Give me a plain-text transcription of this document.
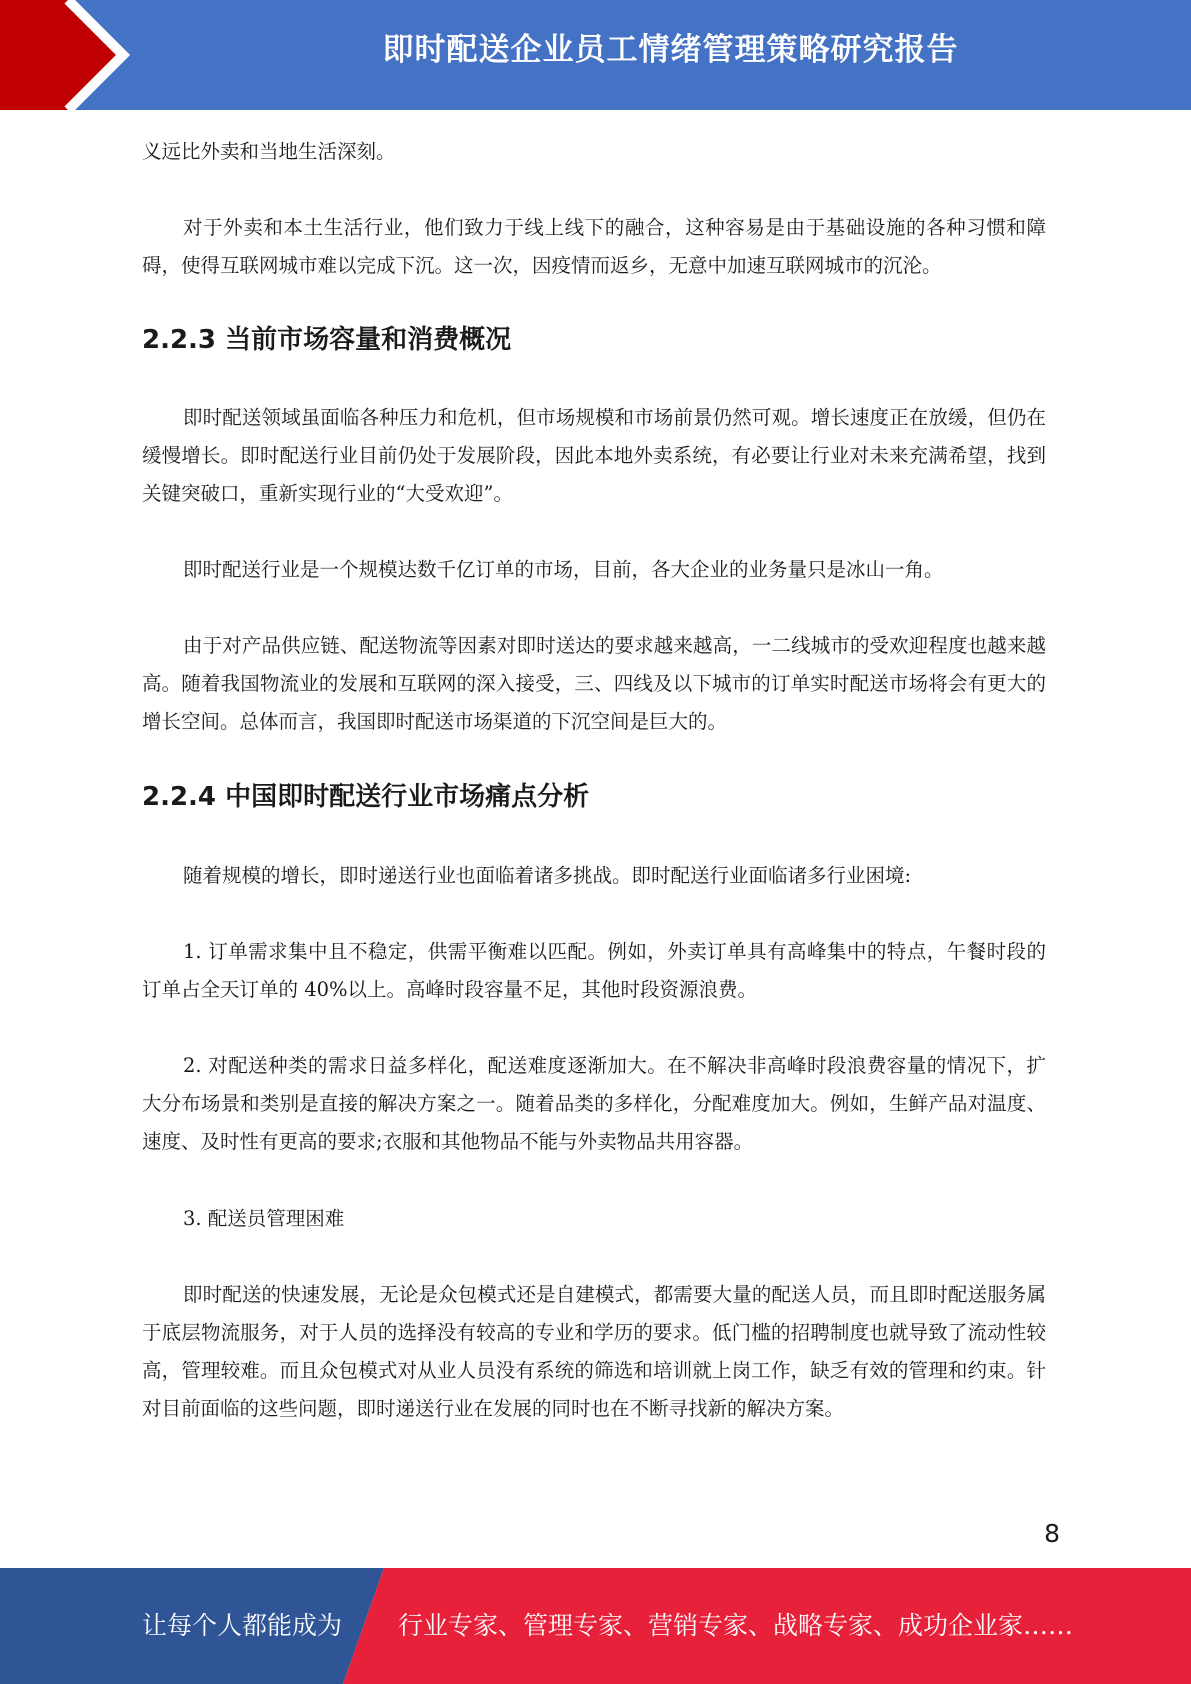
即时配送企业员工情绪管理策略研究报告

义远比外卖和当地生活深刻。

对于外卖和本土生活行业，他们致力于线上线下的融合，这种容易是由于基础设施的各种习惯和障碍，使得互联网城市难以完成下沉。这一次，因疫情而返乡，无意中加速互联网城市的沉沦。

2.2.3 当前市场容量和消费概况

即时配送领域虽面临各种压力和危机，但市场规模和市场前景仍然可观。增长速度正在放缓，但仍在缓慢增长。即时配送行业目前仍处于发展阶段，因此本地外卖系统，有必要让行业对未来充满希望，找到关键突破口，重新实现行业的“大受欢迎”。

即时配送行业是一个规模达数千亿订单的市场，目前，各大企业的业务量只是冰山一角。

由于对产品供应链、配送物流等因素对即时送达的要求越来越高，一二线城市的受欢迎程度也越来越高。随着我国物流业的发展和互联网的深入接受，三、四线及以下城市的订单实时配送市场将会有更大的增长空间。总体而言，我国即时配送市场渠道的下沉空间是巨大的。

2.2.4 中国即时配送行业市场痛点分析

随着规模的增长，即时递送行业也面临着诸多挑战。即时配送行业面临诸多行业困境:

1. 订单需求集中且不稳定，供需平衡难以匹配。例如，外卖订单具有高峰集中的特点，午餐时段的订单占全天订单的 40%以上。高峰时段容量不足，其他时段资源浪费。

2. 对配送种类的需求日益多样化，配送难度逐渐加大。在不解决非高峰时段浪费容量的情况下，扩大分布场景和类别是直接的解决方案之一。随着品类的多样化，分配难度加大。例如，生鲜产品对温度、速度、及时性有更高的要求;衣服和其他物品不能与外卖物品共用容器。

3. 配送员管理困难

即时配送的快速发展，无论是众包模式还是自建模式，都需要大量的配送人员，而且即时配送服务属于底层物流服务，对于人员的选择没有较高的专业和学历的要求。低门槛的招聘制度也就导致了流动性较高，管理较难。而且众包模式对从业人员没有系统的筛选和培训就上岗工作，缺乏有效的管理和约束。针对目前面临的这些问题，即时递送行业在发展的同时也在不断寻找新的解决方案。

8
让每个人都能成为 行业专家、管理专家、营销专家、战略专家、成功企业家……
